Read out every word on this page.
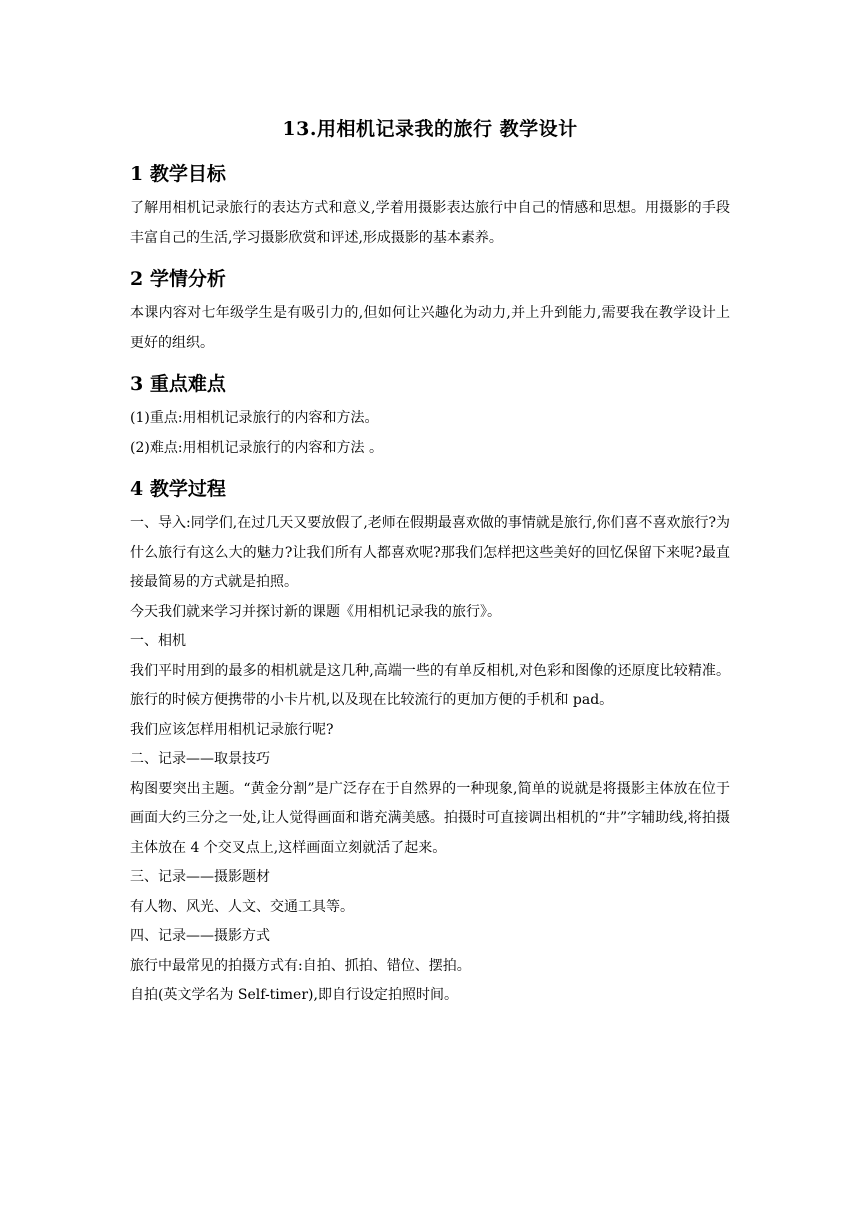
13.用相机记录我的旅行 教学设计
1 教学目标

了解用相机记录旅行的表达方式和意义,学着用摄影表达旅行中自己的情感和思想。用摄影的手段丰富自己的生活,学习摄影欣赏和评述,形成摄影的基本素养。

2 学情分析

本课内容对七年级学生是有吸引力的,但如何让兴趣化为动力,并上升到能力,需要我在教学设计上更好的组织。

3 重点难点

(1)重点:用相机记录旅行的内容和方法。

(2)难点:用相机记录旅行的内容和方法 。

4 教学过程

一、导入:同学们,在过几天又要放假了,老师在假期最喜欢做的事情就是旅行,你们喜不喜欢旅行?为什么旅行有这么大的魅力?让我们所有人都喜欢呢?那我们怎样把这些美好的回忆保留下来呢?最直接最简易的方式就是拍照。

今天我们就来学习并探讨新的课题《用相机记录我的旅行》。

一、相机

我们平时用到的最多的相机就是这几种,高端一些的有单反相机,对色彩和图像的还原度比较精准。旅行的时候方便携带的小卡片机,以及现在比较流行的更加方便的手机和 pad。

我们应该怎样用相机记录旅行呢?

二、记录——取景技巧

构图要突出主题。“黄金分割”是广泛存在于自然界的一种现象,简单的说就是将摄影主体放在位于画面大约三分之一处,让人觉得画面和谐充满美感。拍摄时可直接调出相机的“井”字辅助线,将拍摄主体放在 4 个交叉点上,这样画面立刻就活了起来。

三、记录——摄影题材

有人物、风光、人文、交通工具等。

四、记录——摄影方式

旅行中最常见的拍摄方式有:自拍、抓拍、错位、摆拍。

自拍(英文学名为 Self-timer),即自行设定拍照时间。
